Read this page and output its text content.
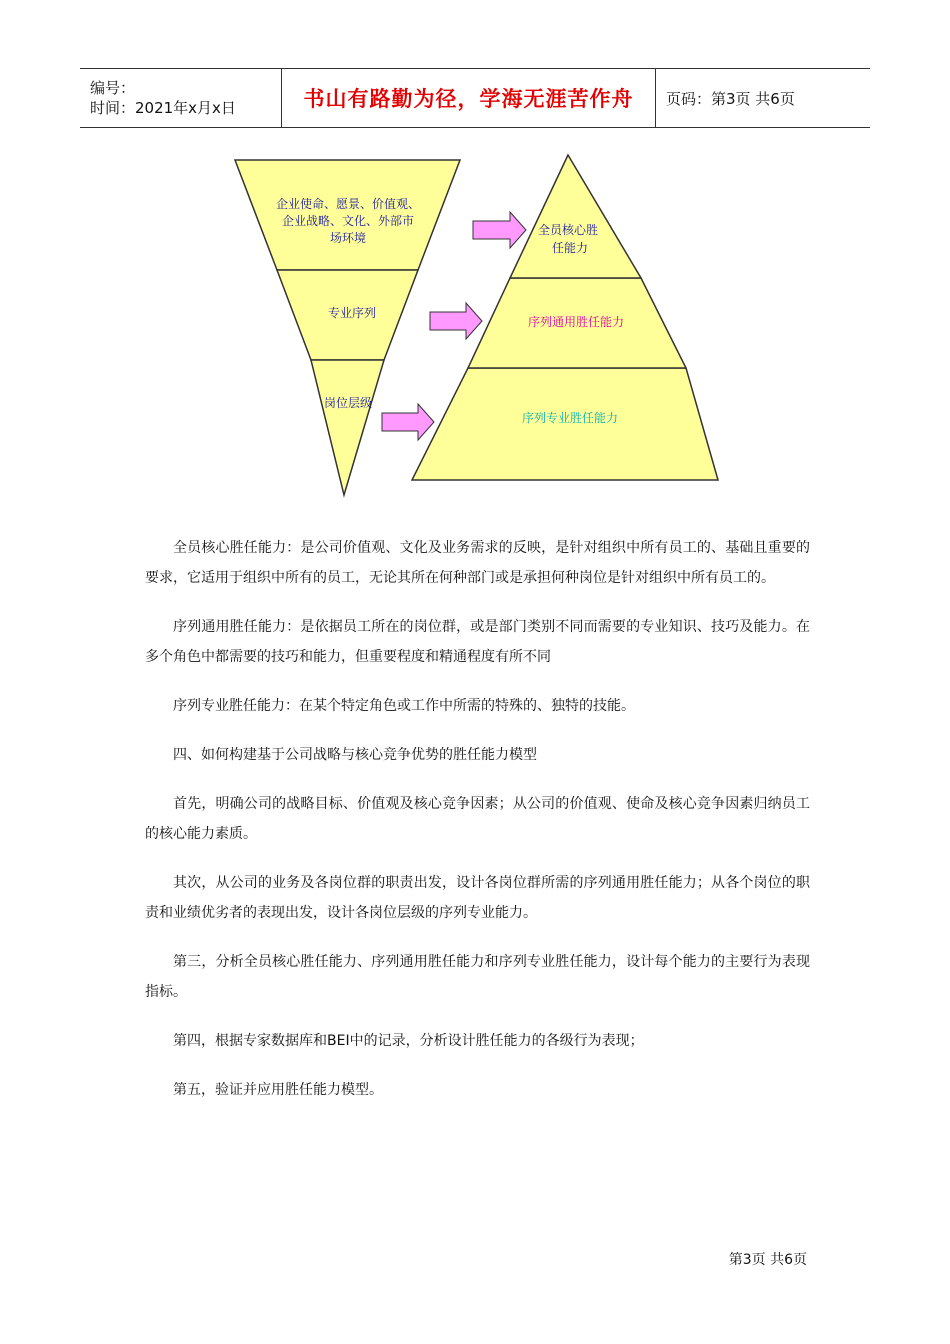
编号：
时间：2021年x月x日	书山有路勤为径，学海无涯苦作舟 页码：第3页 共6页
企业使命、愿景、价值观、
企业战略、文化、外部市
场环境
专业序列
岗位层级
全员核心胜
任能力
序列通用胜任能力
序列专业胜任能力

全员核心胜任能力：是公司价值观、文化及业务需求的反映，是针对组织中所有员工的、基础且重要的要求，它适用于组织中所有的员工，无论其所在何种部门或是承担何种岗位是针对组织中所有员工的。

序列通用胜任能力：是依据员工所在的岗位群，或是部门类别不同而需要的专业知识、技巧及能力。在多个角色中都需要的技巧和能力，但重要程度和精通程度有所不同

序列专业胜任能力：在某个特定角色或工作中所需的特殊的、独特的技能。

四、如何构建基于公司战略与核心竞争优势的胜任能力模型

首先，明确公司的战略目标、价值观及核心竞争因素；从公司的价值观、使命及核心竞争因素归纳员工的核心能力素质。

其次，从公司的业务及各岗位群的职责出发，设计各岗位群所需的序列通用胜任能力；从各个岗位的职责和业绩优劣者的表现出发，设计各岗位层级的序列专业能力。

第三，分析全员核心胜任能力、序列通用胜任能力和序列专业胜任能力，设计每个能力的主要行为表现指标。

第四，根据专家数据库和BEI中的记录，分析设计胜任能力的各级行为表现；

第五，验证并应用胜任能力模型。

第3页 共6页
